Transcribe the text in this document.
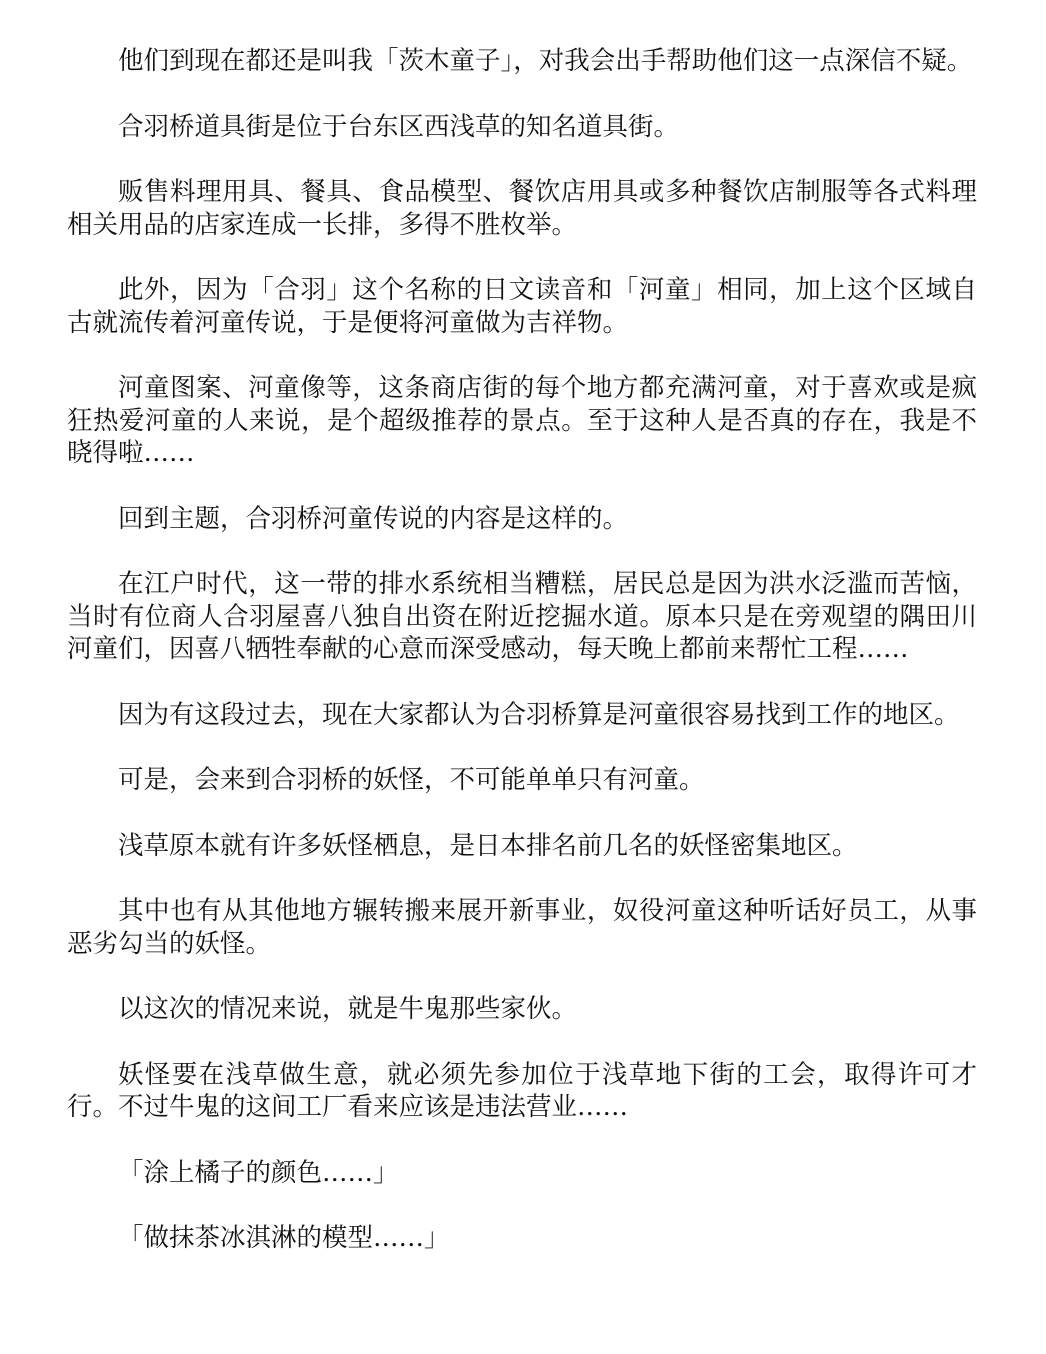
他们到现在都还是叫我「茨木童子」，对我会出手帮助他们这一点深信不疑。

合羽桥道具街是位于台东区西浅草的知名道具街。

贩售料理用具、餐具、食品模型、餐饮店用具或多种餐饮店制服等各式料理相关用品的店家连成一长排，多得不胜枚举。

此外，因为「合羽」这个名称的日文读音和「河童」相同，加上这个区域自古就流传着河童传说，于是便将河童做为吉祥物。

河童图案、河童像等，这条商店街的每个地方都充满河童，对于喜欢或是疯狂热爱河童的人来说，是个超级推荐的景点。至于这种人是否真的存在，我是不晓得啦……

回到主题，合羽桥河童传说的内容是这样的。

在江户时代，这一带的排水系统相当糟糕，居民总是因为洪水泛滥而苦恼，当时有位商人合羽屋喜八独自出资在附近挖掘水道。原本只是在旁观望的隅田川河童们，因喜八牺牲奉献的心意而深受感动，每天晚上都前来帮忙工程……

因为有这段过去，现在大家都认为合羽桥算是河童很容易找到工作的地区。

可是，会来到合羽桥的妖怪，不可能单单只有河童。

浅草原本就有许多妖怪栖息，是日本排名前几名的妖怪密集地区。

其中也有从其他地方辗转搬来展开新事业，奴役河童这种听话好员工，从事恶劣勾当的妖怪。

以这次的情况来说，就是牛鬼那些家伙。

妖怪要在浅草做生意，就必须先参加位于浅草地下街的工会，取得许可才行。不过牛鬼的这间工厂看来应该是违法营业……

「涂上橘子的颜色……」

「做抹茶冰淇淋的模型……」
